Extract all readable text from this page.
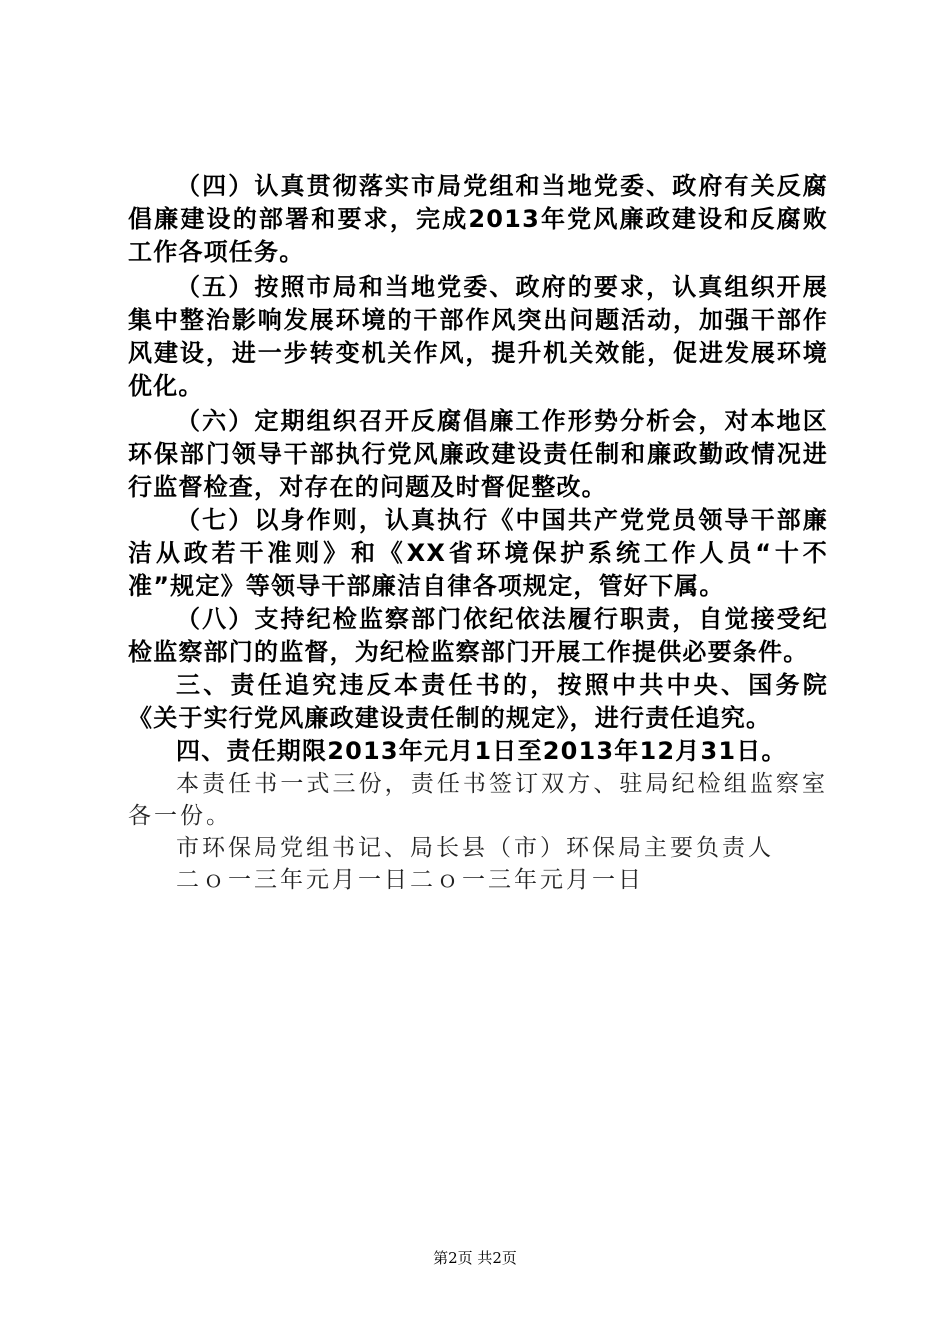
（四）认真贯彻落实市局党组和当地党委、政府有关反腐倡廉建设的部署和要求，完成2013年党风廉政建设和反腐败工作各项任务。

（五）按照市局和当地党委、政府的要求，认真组织开展集中整治影响发展环境的干部作风突出问题活动，加强干部作风建设，进一步转变机关作风，提升机关效能，促进发展环境优化。

（六）定期组织召开反腐倡廉工作形势分析会，对本地区环保部门领导干部执行党风廉政建设责任制和廉政勤政情况进行监督检查，对存在的问题及时督促整改。

（七）以身作则，认真执行《中国共产党党员领导干部廉洁从政若干准则》和《XX省环境保护系统工作人员“十不准”规定》等领导干部廉洁自律各项规定，管好下属。

（八）支持纪检监察部门依纪依法履行职责，自觉接受纪检监察部门的监督，为纪检监察部门开展工作提供必要条件。

三、责任追究违反本责任书的，按照中共中央、国务院《关于实行党风廉政建设责任制的规定》，进行责任追究。

四、责任期限2013年元月1日至2013年12月31日。

本责任书一式三份，责任书签订双方、驻局纪检组监察室各一份。

市环保局党组书记、局长县（市）环保局主要负责人

二ｏ一三年元月一日二ｏ一三年元月一日

第2页 共2页
